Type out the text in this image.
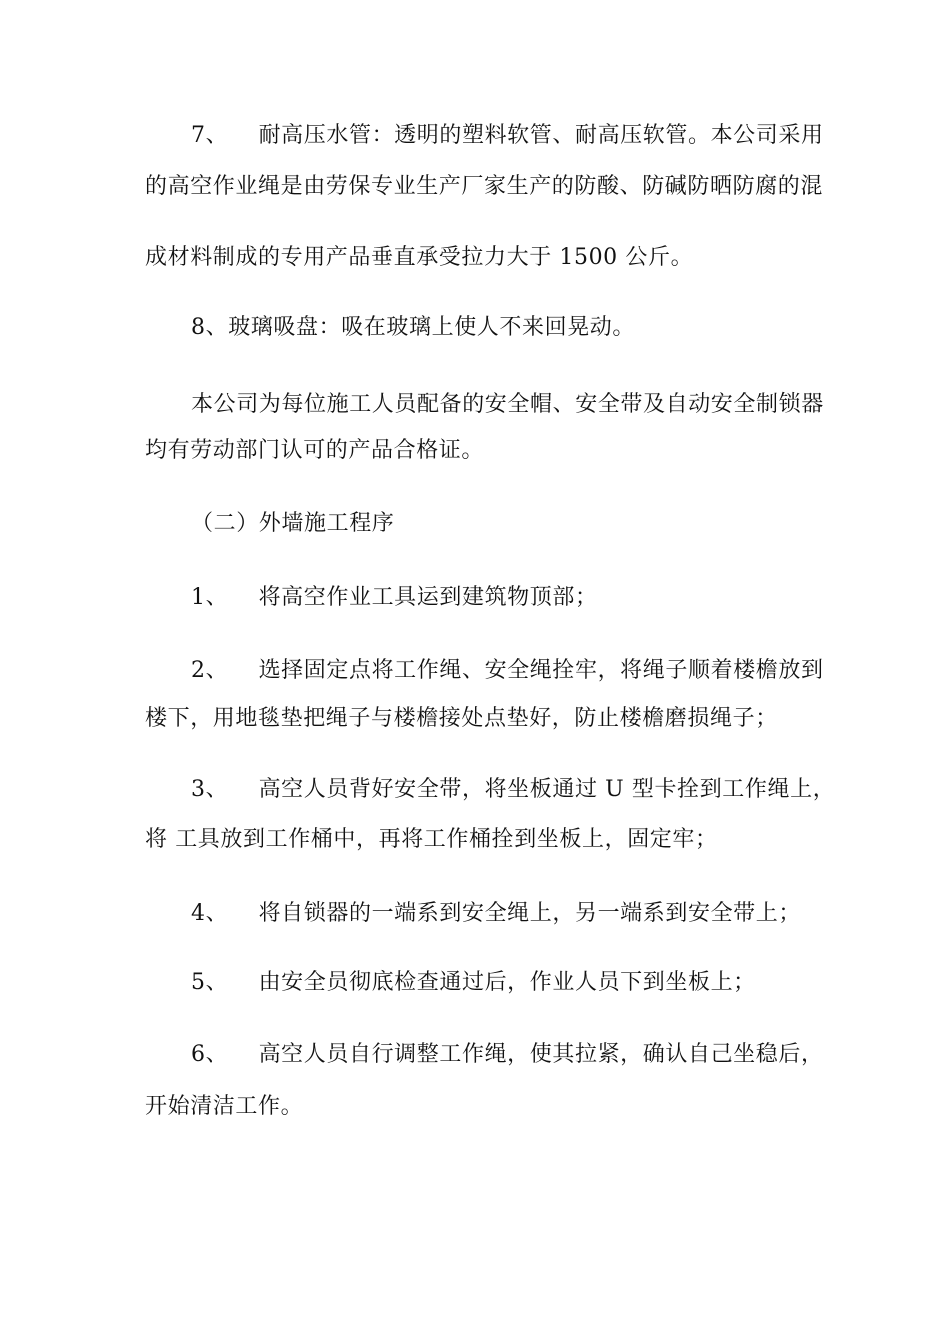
7、    耐高压水管：透明的塑料软管、耐高压软管。本公司采用
的高空作业绳是由劳保专业生产厂家生产的防酸、防碱防晒防腐的混
成材料制成的专用产品垂直承受拉力大于 1500 公斤。
8、玻璃吸盘：吸在玻璃上使人不来回晃动。
本公司为每位施工人员配备的安全帽、安全带及自动安全制锁器
均有劳动部门认可的产品合格证。
（二）外墙施工程序
1、    将高空作业工具运到建筑物顶部；
2、    选择固定点将工作绳、安全绳拴牢，将绳子顺着楼檐放到
楼下，用地毯垫把绳子与楼檐接处点垫好，防止楼檐磨损绳子；
3、    高空人员背好安全带，将坐板通过 U 型卡拴到工作绳上，
将 工具放到工作桶中，再将工作桶拴到坐板上，固定牢；
4、    将自锁器的一端系到安全绳上，另一端系到安全带上；
5、    由安全员彻底检查通过后，作业人员下到坐板上；
6、    高空人员自行调整工作绳，使其拉紧，确认自己坐稳后，
开始清洁工作。
